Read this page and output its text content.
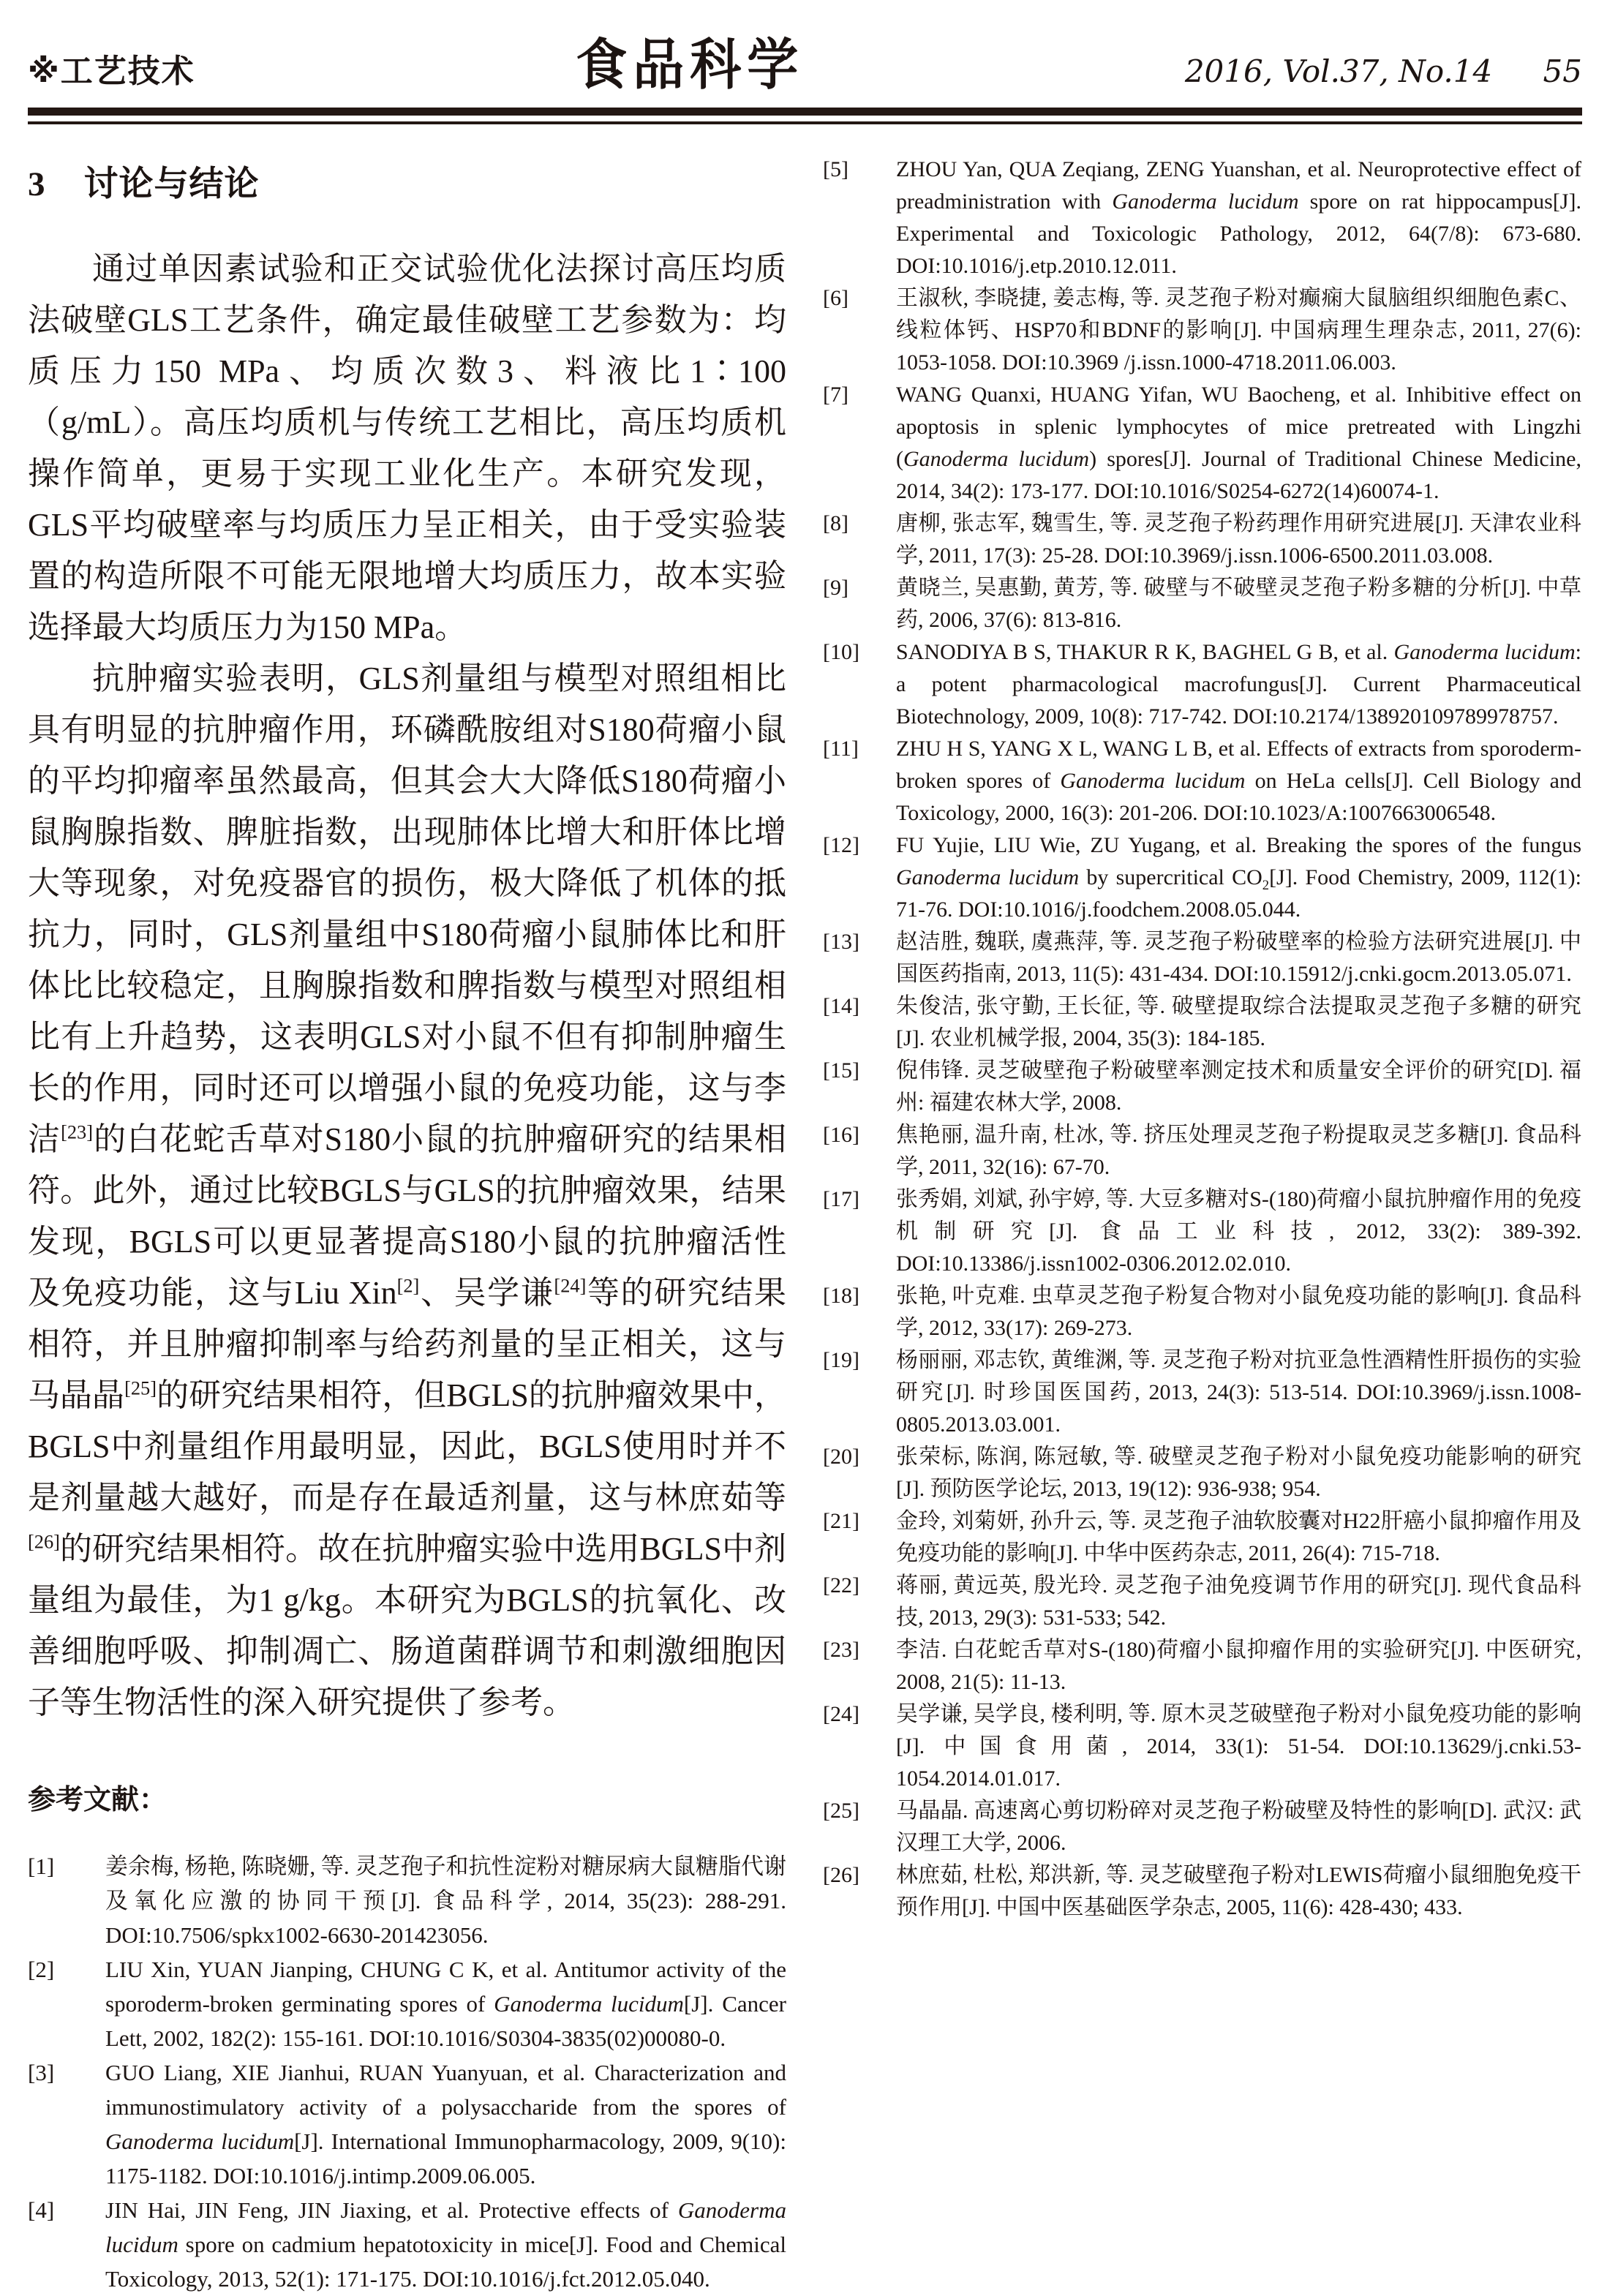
※工艺技术	食品科学	2016, Vol.37, No.14 55
3 讨论与结论

通过单因素试验和正交试验优化法探讨高压均质法破壁GLS工艺条件，确定最佳破壁工艺参数为：均质压力150 MPa、均质次数3、料液比1∶100（g/mL）。高压均质机与传统工艺相比，高压均质机操作简单，更易于实现工业化生产。本研究发现，GLS平均破壁率与均质压力呈正相关，由于受实验装置的构造所限不可能无限地增大均质压力，故本实验选择最大均质压力为150 MPa。

抗肿瘤实验表明，GLS剂量组与模型对照组相比具有明显的抗肿瘤作用，环磷酰胺组对S180荷瘤小鼠的平均抑瘤率虽然最高，但其会大大降低S180荷瘤小鼠胸腺指数、脾脏指数，出现肺体比增大和肝体比增大等现象，对免疫器官的损伤，极大降低了机体的抵抗力，同时，GLS剂量组中S180荷瘤小鼠肺体比和肝体比比较稳定，且胸腺指数和脾指数与模型对照组相比有上升趋势，这表明GLS对小鼠不但有抑制肿瘤生长的作用，同时还可以增强小鼠的免疫功能，这与李洁[23]的白花蛇舌草对S180小鼠的抗肿瘤研究的结果相符。此外，通过比较BGLS与GLS的抗肿瘤效果，结果发现，BGLS可以更显著提高S180小鼠的抗肿瘤活性及免疫功能，这与Liu Xin[2]、吴学谦[24]等的研究结果相符，并且肿瘤抑制率与给药剂量的呈正相关，这与马晶晶[25]的研究结果相符，但BGLS的抗肿瘤效果中，BGLS中剂量组作用最明显，因此，BGLS使用时并不是剂量越大越好，而是存在最适剂量，这与林庶茹等[26]的研究结果相符。故在抗肿瘤实验中选用BGLS中剂量组为最佳，为1 g/kg。本研究为BGLS的抗氧化、改善细胞呼吸、抑制凋亡、肠道菌群调节和刺激细胞因子等生物活性的深入研究提供了参考。

参考文献：
[1]	姜余梅, 杨艳, 陈晓姗, 等. 灵芝孢子和抗性淀粉对糖尿病大鼠糖脂代谢及氧化应激的协同干预[J]. 食品科学, 2014, 35(23): 288-291. DOI:10.7506/spkx1002-6630-201423056.
[2]	LIU Xin, YUAN Jianping, CHUNG C K, et al. Antitumor activity of the sporoderm-broken germinating spores of Ganoderma lucidum[J]. Cancer Lett, 2002, 182(2): 155-161. DOI:10.1016/S0304-3835(02)00080-0.
[3]	GUO Liang, XIE Jianhui, RUAN Yuanyuan, et al. Characterization and immunostimulatory activity of a polysaccharide from the spores of Ganoderma lucidum[J]. International Immunopharmacology, 2009, 9(10): 1175-1182. DOI:10.1016/j.intimp.2009.06.005.
[4]	JIN Hai, JIN Feng, JIN Jiaxing, et al. Protective effects of Ganoderma lucidum spore on cadmium hepatotoxicity in mice[J]. Food and Chemical Toxicology, 2013, 52(1): 171-175. DOI:10.1016/j.fct.2012.05.040.
[5]	ZHOU Yan, QUA Zeqiang, ZENG Yuanshan, et al. Neuroprotective effect of preadministration with Ganoderma lucidum spore on rat hippocampus[J]. Experimental and Toxicologic Pathology, 2012, 64(7/8): 673-680. DOI:10.1016/j.etp.2010.12.011.
[6]	王淑秋, 李晓捷, 姜志梅, 等. 灵芝孢子粉对癫痫大鼠脑组织细胞色素C、线粒体钙、HSP70和BDNF的影响[J]. 中国病理生理杂志, 2011, 27(6): 1053-1058. DOI:10.3969 /j.issn.1000-4718.2011.06.003.
[7]	WANG Quanxi, HUANG Yifan, WU Baocheng, et al. Inhibitive effect on apoptosis in splenic lymphocytes of mice pretreated with Lingzhi (Ganoderma lucidum) spores[J]. Journal of Traditional Chinese Medicine, 2014, 34(2): 173-177. DOI:10.1016/S0254-6272(14)60074-1.
[8]	唐柳, 张志军, 魏雪生, 等. 灵芝孢子粉药理作用研究进展[J]. 天津农业科学, 2011, 17(3): 25-28. DOI:10.3969/j.issn.1006-6500.2011.03.008.
[9]	黄晓兰, 吴惠勤, 黄芳, 等. 破壁与不破壁灵芝孢子粉多糖的分析[J]. 中草药, 2006, 37(6): 813-816.
[10]	SANODIYA B S, THAKUR R K, BAGHEL G B, et al. Ganoderma lucidum: a potent pharmacological macrofungus[J]. Current Pharmaceutical Biotechnology, 2009, 10(8): 717-742. DOI:10.2174/138920109789978757.
[11]	ZHU H S, YANG X L, WANG L B, et al. Effects of extracts from sporoderm-broken spores of Ganoderma lucidum on HeLa cells[J]. Cell Biology and Toxicology, 2000, 16(3): 201-206. DOI:10.1023/A:1007663006548.
[12]	FU Yujie, LIU Wie, ZU Yugang, et al. Breaking the spores of the fungus Ganoderma lucidum by supercritical $CO_2[J]$. Food Chemistry, 2009, 112(1): 71-76. DOI:10.1016/j.foodchem.2008.05.044.
[13]	赵洁胜, 魏联, 虞燕萍, 等. 灵芝孢子粉破壁率的检验方法研究进展[J]. 中国医药指南, 2013, 11(5): 431-434. DOI:10.15912/j.cnki.gocm.2013.05.071.
[14]	朱俊洁, 张守勤, 王长征, 等. 破壁提取综合法提取灵芝孢子多糖的研究[J]. 农业机械学报, 2004, 35(3): 184-185.
[15]	倪伟锋. 灵芝破壁孢子粉破壁率测定技术和质量安全评价的研究[D]. 福州: 福建农林大学, 2008.
[16]	焦艳丽, 温升南, 杜冰, 等. 挤压处理灵芝孢子粉提取灵芝多糖[J]. 食品科学, 2011, 32(16): 67-70.
[17]	张秀娟, 刘斌, 孙宇婷, 等. 大豆多糖对S-(180)荷瘤小鼠抗肿瘤作用的免疫机制研究[J]. 食品工业科技, 2012, 33(2): 389-392. DOI:10.13386/j.issn1002-0306.2012.02.010.
[18]	张艳, 叶克难. 虫草灵芝孢子粉复合物对小鼠免疫功能的影响[J]. 食品科学, 2012, 33(17): 269-273.
[19]	杨丽丽, 邓志钦, 黄维渊, 等. 灵芝孢子粉对抗亚急性酒精性肝损伤的实验研究[J]. 时珍国医国药, 2013, 24(3): 513-514. DOI:10.3969/j.issn.1008-0805.2013.03.001.
[20]	张荣标, 陈润, 陈冠敏, 等. 破壁灵芝孢子粉对小鼠免疫功能影响的研究[J]. 预防医学论坛, 2013, 19(12): 936-938; 954.
[21]	金玲, 刘菊妍, 孙升云, 等. 灵芝孢子油软胶囊对H22肝癌小鼠抑瘤作用及免疫功能的影响[J]. 中华中医药杂志, 2011, 26(4): 715-718.
[22]	蒋丽, 黄远英, 殷光玲. 灵芝孢子油免疫调节作用的研究[J]. 现代食品科技, 2013, 29(3): 531-533; 542.
[23]	李洁. 白花蛇舌草对S-(180)荷瘤小鼠抑瘤作用的实验研究[J]. 中医研究, 2008, 21(5): 11-13.
[24]	吴学谦, 吴学良, 楼利明, 等. 原木灵芝破壁孢子粉对小鼠免疫功能的影响[J]. 中国食用菌, 2014, 33(1): 51-54. DOI:10.13629/j.cnki.53-1054.2014.01.017.
[25]	马晶晶. 高速离心剪切粉碎对灵芝孢子粉破壁及特性的影响[D]. 武汉: 武汉理工大学, 2006.
[26]	林庶茹, 杜松, 郑洪新, 等. 灵芝破壁孢子粉对LEWIS荷瘤小鼠细胞免疫干预作用[J]. 中国中医基础医学杂志, 2005, 11(6): 428-430; 433.
